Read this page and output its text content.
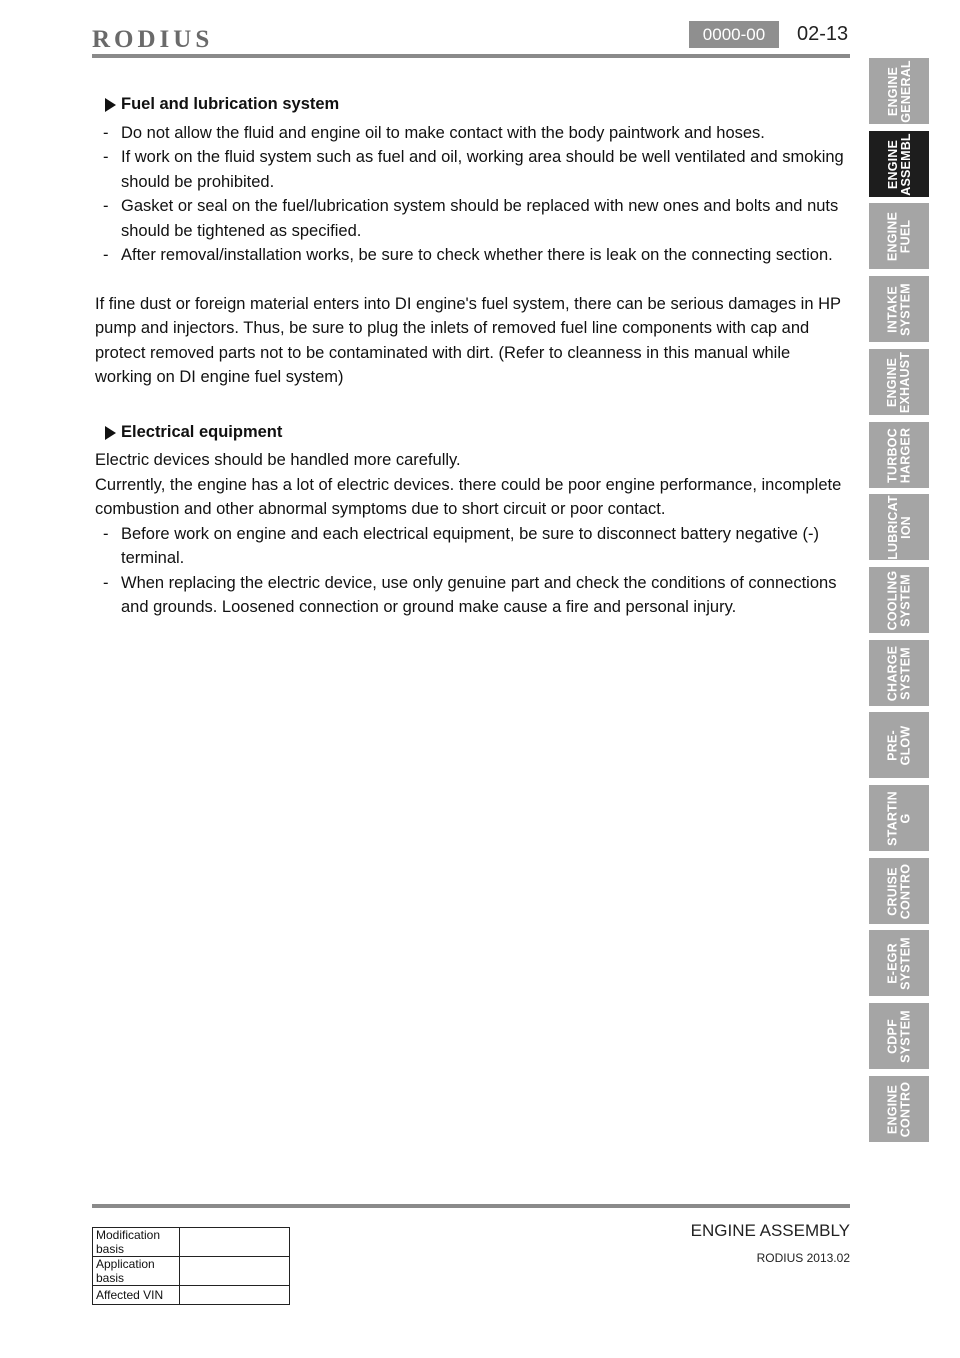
RODIUS	0000-00	02-13
Fuel and lubrication system
- Do not allow the fluid and engine oil to make contact with the body paintwork and hoses.
- If work on the fluid system such as fuel and oil, working area should be well ventilated and smoking should be prohibited.
- Gasket or seal on the fuel/lubrication system should be replaced with new ones and bolts and nuts should be tightened as specified.
- After removal/installation works, be sure to check whether there is leak on the connecting section.

If fine dust or foreign material enters into DI engine's fuel system, there can be serious damages in HP pump and injectors. Thus, be sure to plug the inlets of removed fuel line components with cap and protect removed parts not to be contaminated with dirt. (Refer to cleanness in this manual while working on DI engine fuel system)

Electrical equipment

Electric devices should be handled more carefully.

Currently, the engine has a lot of electric devices. there could be poor engine performance, incomplete combustion and other abnormal symptoms due to short circuit or poor contact.

- Before work on engine and each electrical equipment, be sure to disconnect battery negative (-) terminal.
- When replacing the electric device, use only genuine part and check the conditions of connections and grounds. Loosened connection or ground make cause a fire and personal injury.
ENGINE
GENERAL
ENGINE
ASSEMBL
ENGINE
FUEL
INTAKE
SYSTEM
ENGINE
EXHAUST
TURBOC
HARGER
LUBRICAT
ION
COOLING
SYSTEM
CHARGE
SYSTEM
PRE-
GLOW
STARTIN
G
CRUISE
CONTRO
E-EGR
SYSTEM
CDPF
SYSTEM
ENGINE
CONTRO
Modification basis	
Application basis	
Affected VIN	
ENGINE ASSEMBLY
RODIUS 2013.02
